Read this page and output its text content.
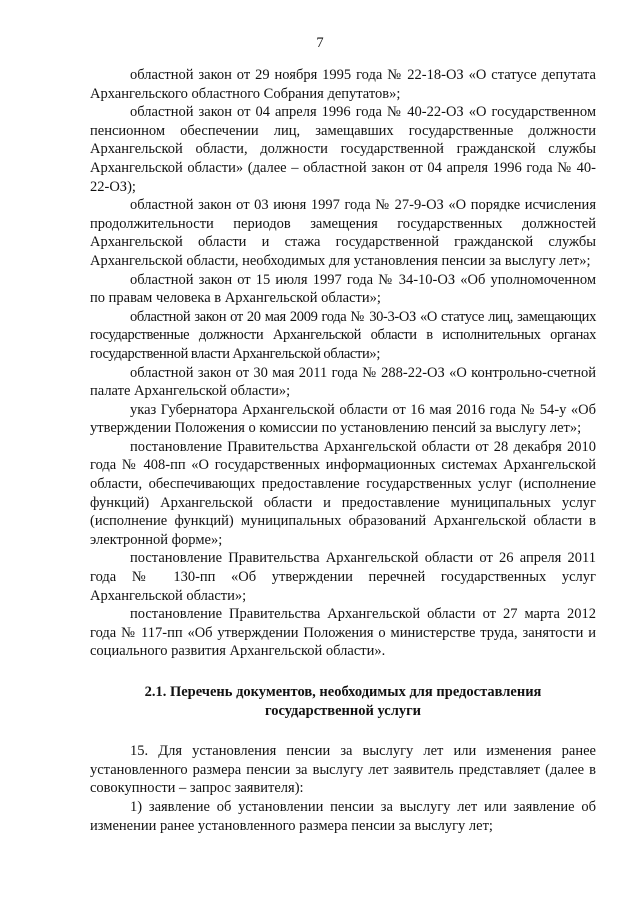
7

областной закон от 29 ноября 1995 года № 22-18-ОЗ «О статусе депутата Архангельского областного Собрания депутатов»;

областной закон от 04 апреля 1996 года № 40-22-ОЗ «О государственном пенсионном обеспечении лиц, замещавших государственные должности Архангельской области, должности государственной гражданской службы Архангельской области» (далее – областной закон от 04 апреля 1996 года № 40-22-ОЗ);

областной закон от 03 июня 1997 года № 27-9-ОЗ «О порядке исчисления продолжительности периодов замещения государственных должностей Архангельской области и стажа государственной гражданской службы Архангельской области, необходимых для установления пенсии за выслугу лет»;

областной закон от 15 июля 1997 года № 34-10-ОЗ «Об уполномоченном по правам человека в Архангельской области»;

областной закон от 20 мая 2009 года № 30-3-ОЗ «О статусе лиц, замещающих государственные должности Архангельской области в исполнительных органах государственной власти Архангельской области»;

областной закон от 30 мая 2011 года № 288-22-ОЗ «О контрольно-счетной палате Архангельской области»;

указ Губернатора Архангельской области от 16 мая 2016 года № 54-у «Об утверждении Положения о комиссии по установлению пенсий за выслугу лет»;

постановление Правительства Архангельской области от 28 декабря 2010 года № 408-пп «О государственных информационных системах Архангельской области, обеспечивающих предоставление государственных услуг (исполнение функций) Архангельской области и предоставление муниципальных услуг (исполнение функций) муниципальных образований Архангельской области в электронной форме»;

постановление Правительства Архангельской области от 26 апреля 2011 года № 130-пп «Об утверждении перечней государственных услуг Архангельской области»;

постановление Правительства Архангельской области от 27 марта 2012 года № 117-пп «Об утверждении Положения о министерстве труда, занятости и социального развития Архангельской области».

2.1. Перечень документов, необходимых для предоставления
государственной услуги

15. Для установления пенсии за выслугу лет или изменения ранее установленного размера пенсии за выслугу лет заявитель представляет (далее в совокупности – запрос заявителя):

1) заявление об установлении пенсии за выслугу лет или заявление об изменении ранее установленного размера пенсии за выслугу лет;
